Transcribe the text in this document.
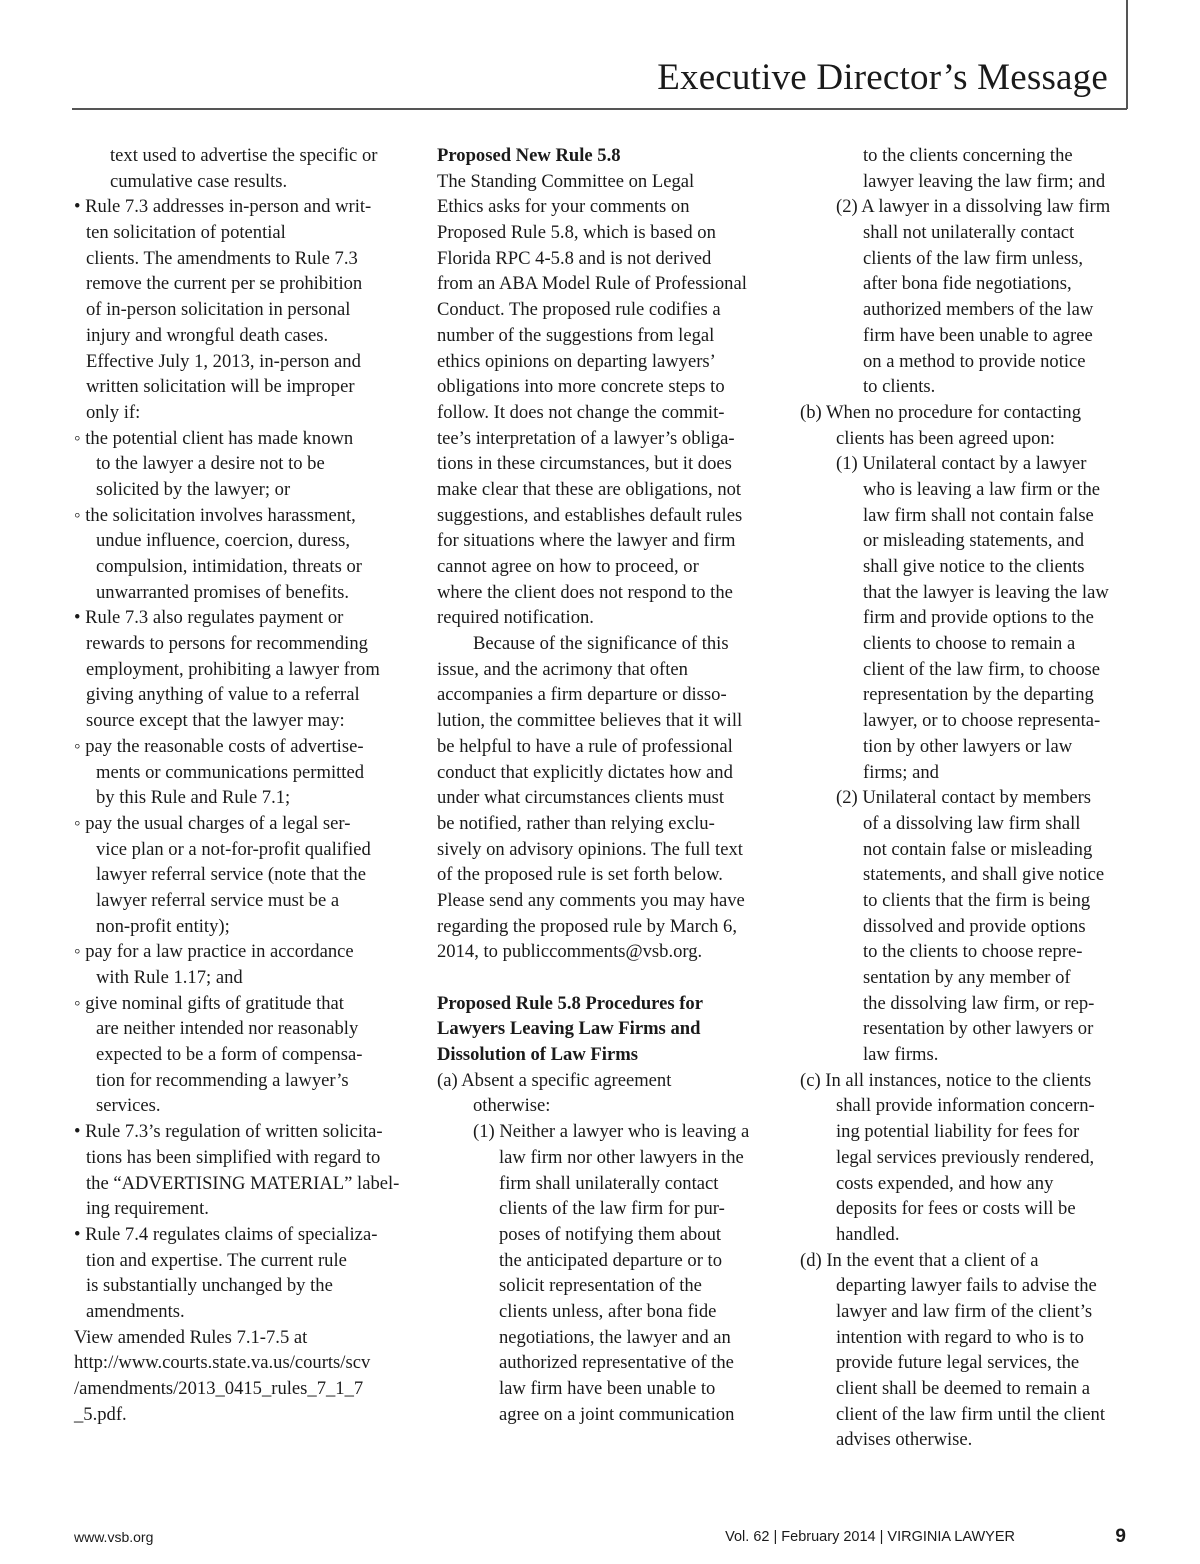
Executive Director’s Message
text used to advertise the specific or
cumulative case results.
• Rule 7.3 addresses in-person and writ-
ten solicitation of potential
clients. The amendments to Rule 7.3
remove the current per se prohibition
of in-person solicitation in personal
injury and wrongful death cases.
Effective July 1, 2013, in-person and
written solicitation will be improper
only if:
◦ the potential client has made known
to the lawyer a desire not to be
solicited by the lawyer; or
◦ the solicitation involves harassment,
undue influence, coercion, duress,
compulsion, intimidation, threats or
unwarranted promises of benefits.
• Rule 7.3 also regulates payment or
rewards to persons for recommending
employment, prohibiting a lawyer from
giving anything of value to a referral
source except that the lawyer may:
◦ pay the reasonable costs of advertise-
ments or communications permitted
by this Rule and Rule 7.1;
◦ pay the usual charges of a legal ser-
vice plan or a not-for-profit qualified
lawyer referral service (note that the
lawyer referral service must be a
non-profit entity);
◦ pay for a law practice in accordance
with Rule 1.17; and
◦ give nominal gifts of gratitude that
are neither intended nor reasonably
expected to be a form of compensa-
tion for recommending a lawyer’s
services.
• Rule 7.3’s regulation of written solicita-
tions has been simplified with regard to
the “ADVERTISING MATERIAL” label-
ing requirement.
• Rule 7.4 regulates claims of specializa-
tion and expertise. The current rule
is substantially unchanged by the
amendments.
View amended Rules 7.1-7.5 at
http://www.courts.state.va.us/courts/scv
/amendments/2013_0415_rules_7_1_7
_5.pdf.
Proposed New Rule 5.8
The Standing Committee on Legal
Ethics asks for your comments on
Proposed Rule 5.8, which is based on
Florida RPC 4-5.8 and is not derived
from an ABA Model Rule of Professional
Conduct. The proposed rule codifies a
number of the suggestions from legal
ethics opinions on departing lawyers’
obligations into more concrete steps to
follow. It does not change the commit-
tee’s interpretation of a lawyer’s obliga-
tions in these circumstances, but it does
make clear that these are obligations, not
suggestions, and establishes default rules
for situations where the lawyer and firm
cannot agree on how to proceed, or
where the client does not respond to the
required notification.
Because of the significance of this
issue, and the acrimony that often
accompanies a firm departure or disso-
lution, the committee believes that it will
be helpful to have a rule of professional
conduct that explicitly dictates how and
under what circumstances clients must
be notified, rather than relying exclu-
sively on advisory opinions. The full text
of the proposed rule is set forth below.
Please send any comments you may have
regarding the proposed rule by March 6,
2014, to publiccomments@vsb.org.
Proposed Rule 5.8 Procedures for
Lawyers Leaving Law Firms and
Dissolution of Law Firms
(a) Absent a specific agreement
otherwise:
(1) Neither a lawyer who is leaving a
law firm nor other lawyers in the
firm shall unilaterally contact
clients of the law firm for pur-
poses of notifying them about
the anticipated departure or to
solicit representation of the
clients unless, after bona fide
negotiations, the lawyer and an
authorized representative of the
law firm have been unable to
agree on a joint communication
to the clients concerning the
lawyer leaving the law firm; and
(2) A lawyer in a dissolving law firm
shall not unilaterally contact
clients of the law firm unless,
after bona fide negotiations,
authorized members of the law
firm have been unable to agree
on a method to provide notice
to clients.
(b) When no procedure for contacting
clients has been agreed upon:
(1) Unilateral contact by a lawyer
who is leaving a law firm or the
law firm shall not contain false
or misleading statements, and
shall give notice to the clients
that the lawyer is leaving the law
firm and provide options to the
clients to choose to remain a
client of the law firm, to choose
representation by the departing
lawyer, or to choose representa-
tion by other lawyers or law
firms; and
(2) Unilateral contact by members
of a dissolving law firm shall
not contain false or misleading
statements, and shall give notice
to clients that the firm is being
dissolved and provide options
to the clients to choose repre-
sentation by any member of
the dissolving law firm, or rep-
resentation by other lawyers or
law firms.
(c) In all instances, notice to the clients
shall provide information concern-
ing potential liability for fees for
legal services previously rendered,
costs expended, and how any
deposits for fees or costs will be
handled.
(d) In the event that a client of a
departing lawyer fails to advise the
lawyer and law firm of the client’s
intention with regard to who is to
provide future legal services, the
client shall be deemed to remain a
client of the law firm until the client
advises otherwise.
www.vsb.org	Vol. 62 | February 2014 | VIRGINIA LAWYER	9
